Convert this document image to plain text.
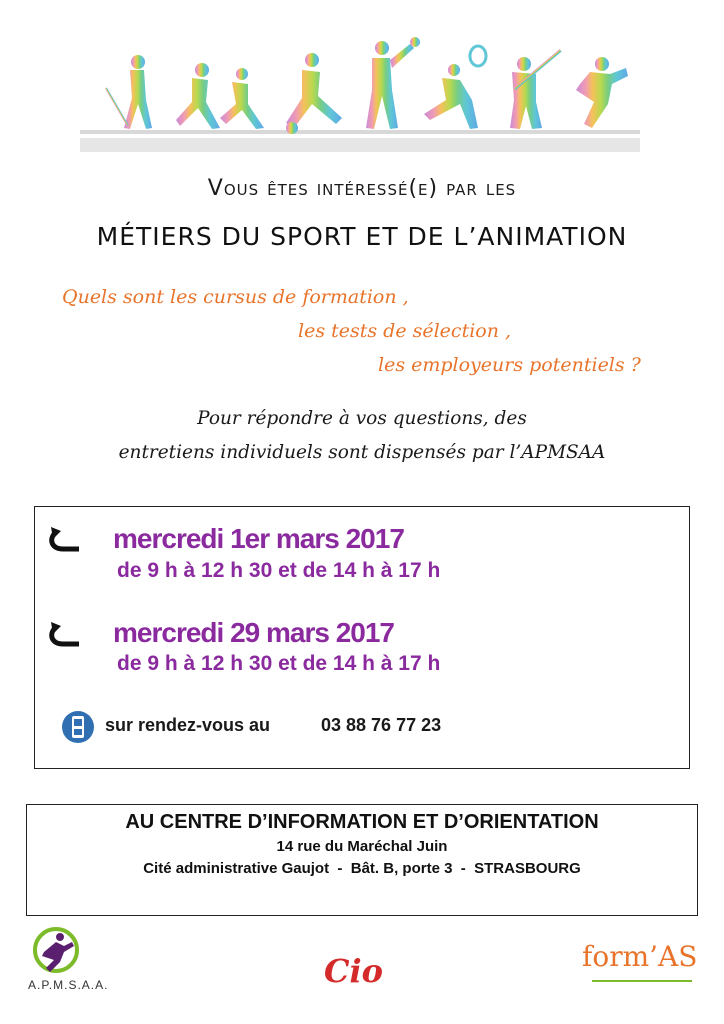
Vous êtes intéressé(e) par les
MÉTIERS DU SPORT ET DE L’ANIMATION
Quels sont les cursus de formation ,
les tests de sélection ,
les employeurs potentiels ?
Pour répondre à vos questions, des
entretiens individuels sont dispensés par l’APMSAA
mercredi 1er mars 2017
de 9 h à 12 h 30 et de 14 h à 17 h
mercredi 29 mars 2017
de 9 h à 12 h 30 et de 14 h à 17 h
sur rendez-vous au	03 88 76 77 23
AU CENTRE D’INFORMATION ET D’ORIENTATION
14 rue du Maréchal Juin
Cité administrative Gaujot  -  Bât. B, porte 3  -  STRASBOURG
A.P.M.S.A.A.	Cio	form’AS
